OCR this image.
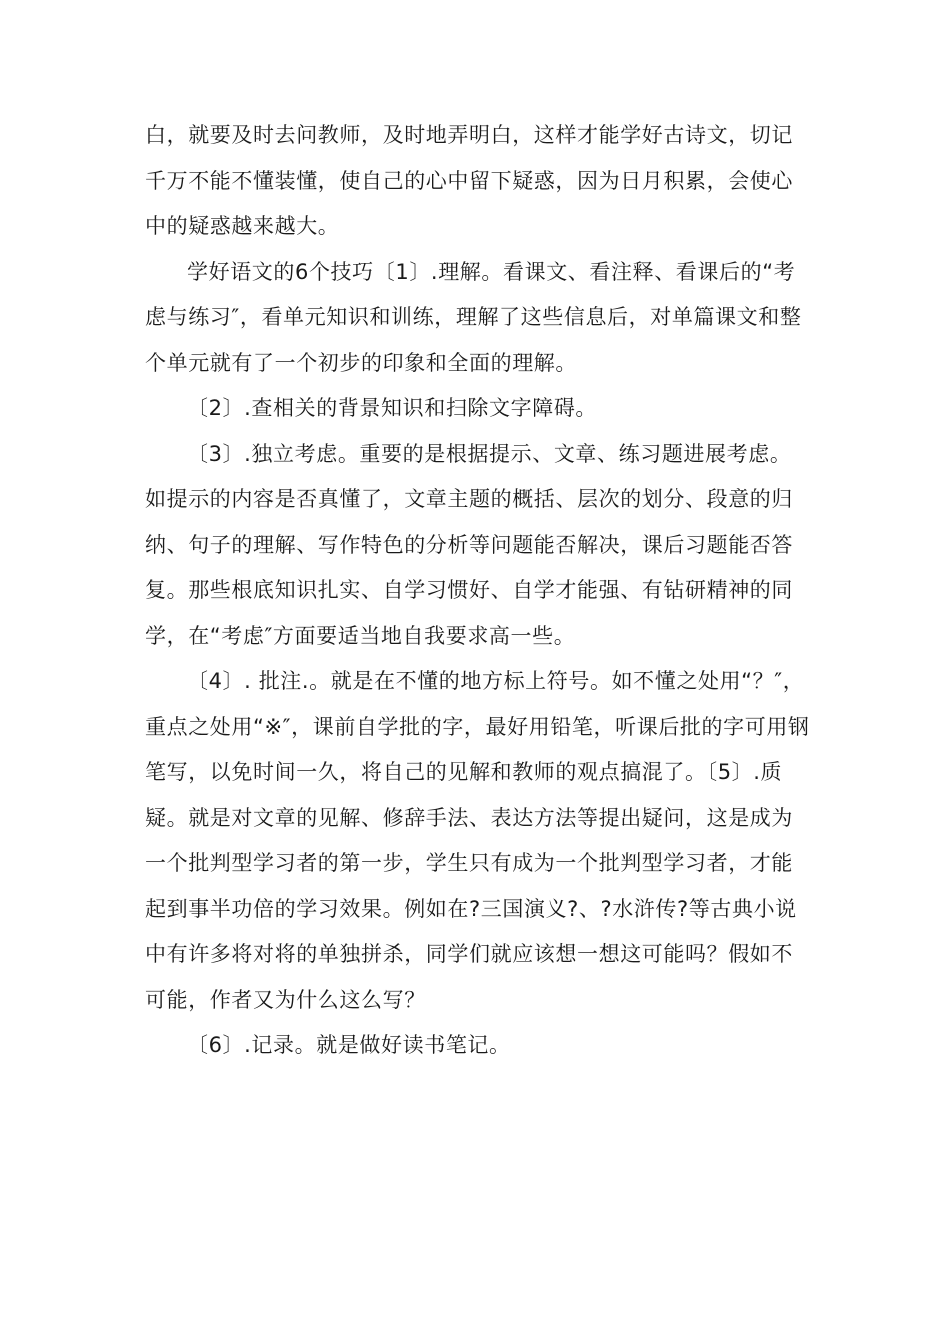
白，就要及时去问教师，及时地弄明白，这样才能学好古诗文，切记千万不能不懂装懂，使自己的心中留下疑惑，因为日月积累，会使心中的疑惑越来越大。

学好语文的6个技巧〔1〕.理解。看课文、看注释、看课后的“考虑与练习″，看单元知识和训练，理解了这些信息后，对单篇课文和整个单元就有了一个初步的印象和全面的理解。

〔2〕.查相关的背景知识和扫除文字障碍。

〔3〕.独立考虑。重要的是根据提示、文章、练习题进展考虑。如提示的内容是否真懂了，文章主题的概括、层次的划分、段意的归纳、句子的理解、写作特色的分析等问题能否解决，课后习题能否答复。那些根底知识扎实、自学习惯好、自学才能强、有钻研精神的同学，在“考虑″方面要适当地自我要求高一些。

〔4〕. 批注.。就是在不懂的地方标上符号。如不懂之处用“？″，重点之处用“※″，课前自学批的字，最好用铅笔，听课后批的字可用钢笔写，以免时间一久，将自己的见解和教师的观点搞混了。〔5〕.质疑。就是对文章的见解、修辞手法、表达方法等提出疑问，这是成为一个批判型学习者的第一步，学生只有成为一个批判型学习者，才能起到事半功倍的学习效果。例如在?三国演义?、?水浒传?等古典小说中有许多将对将的单独拼杀，同学们就应该想一想这可能吗？假如不可能，作者又为什么这么写？

〔6〕.记录。就是做好读书笔记。
